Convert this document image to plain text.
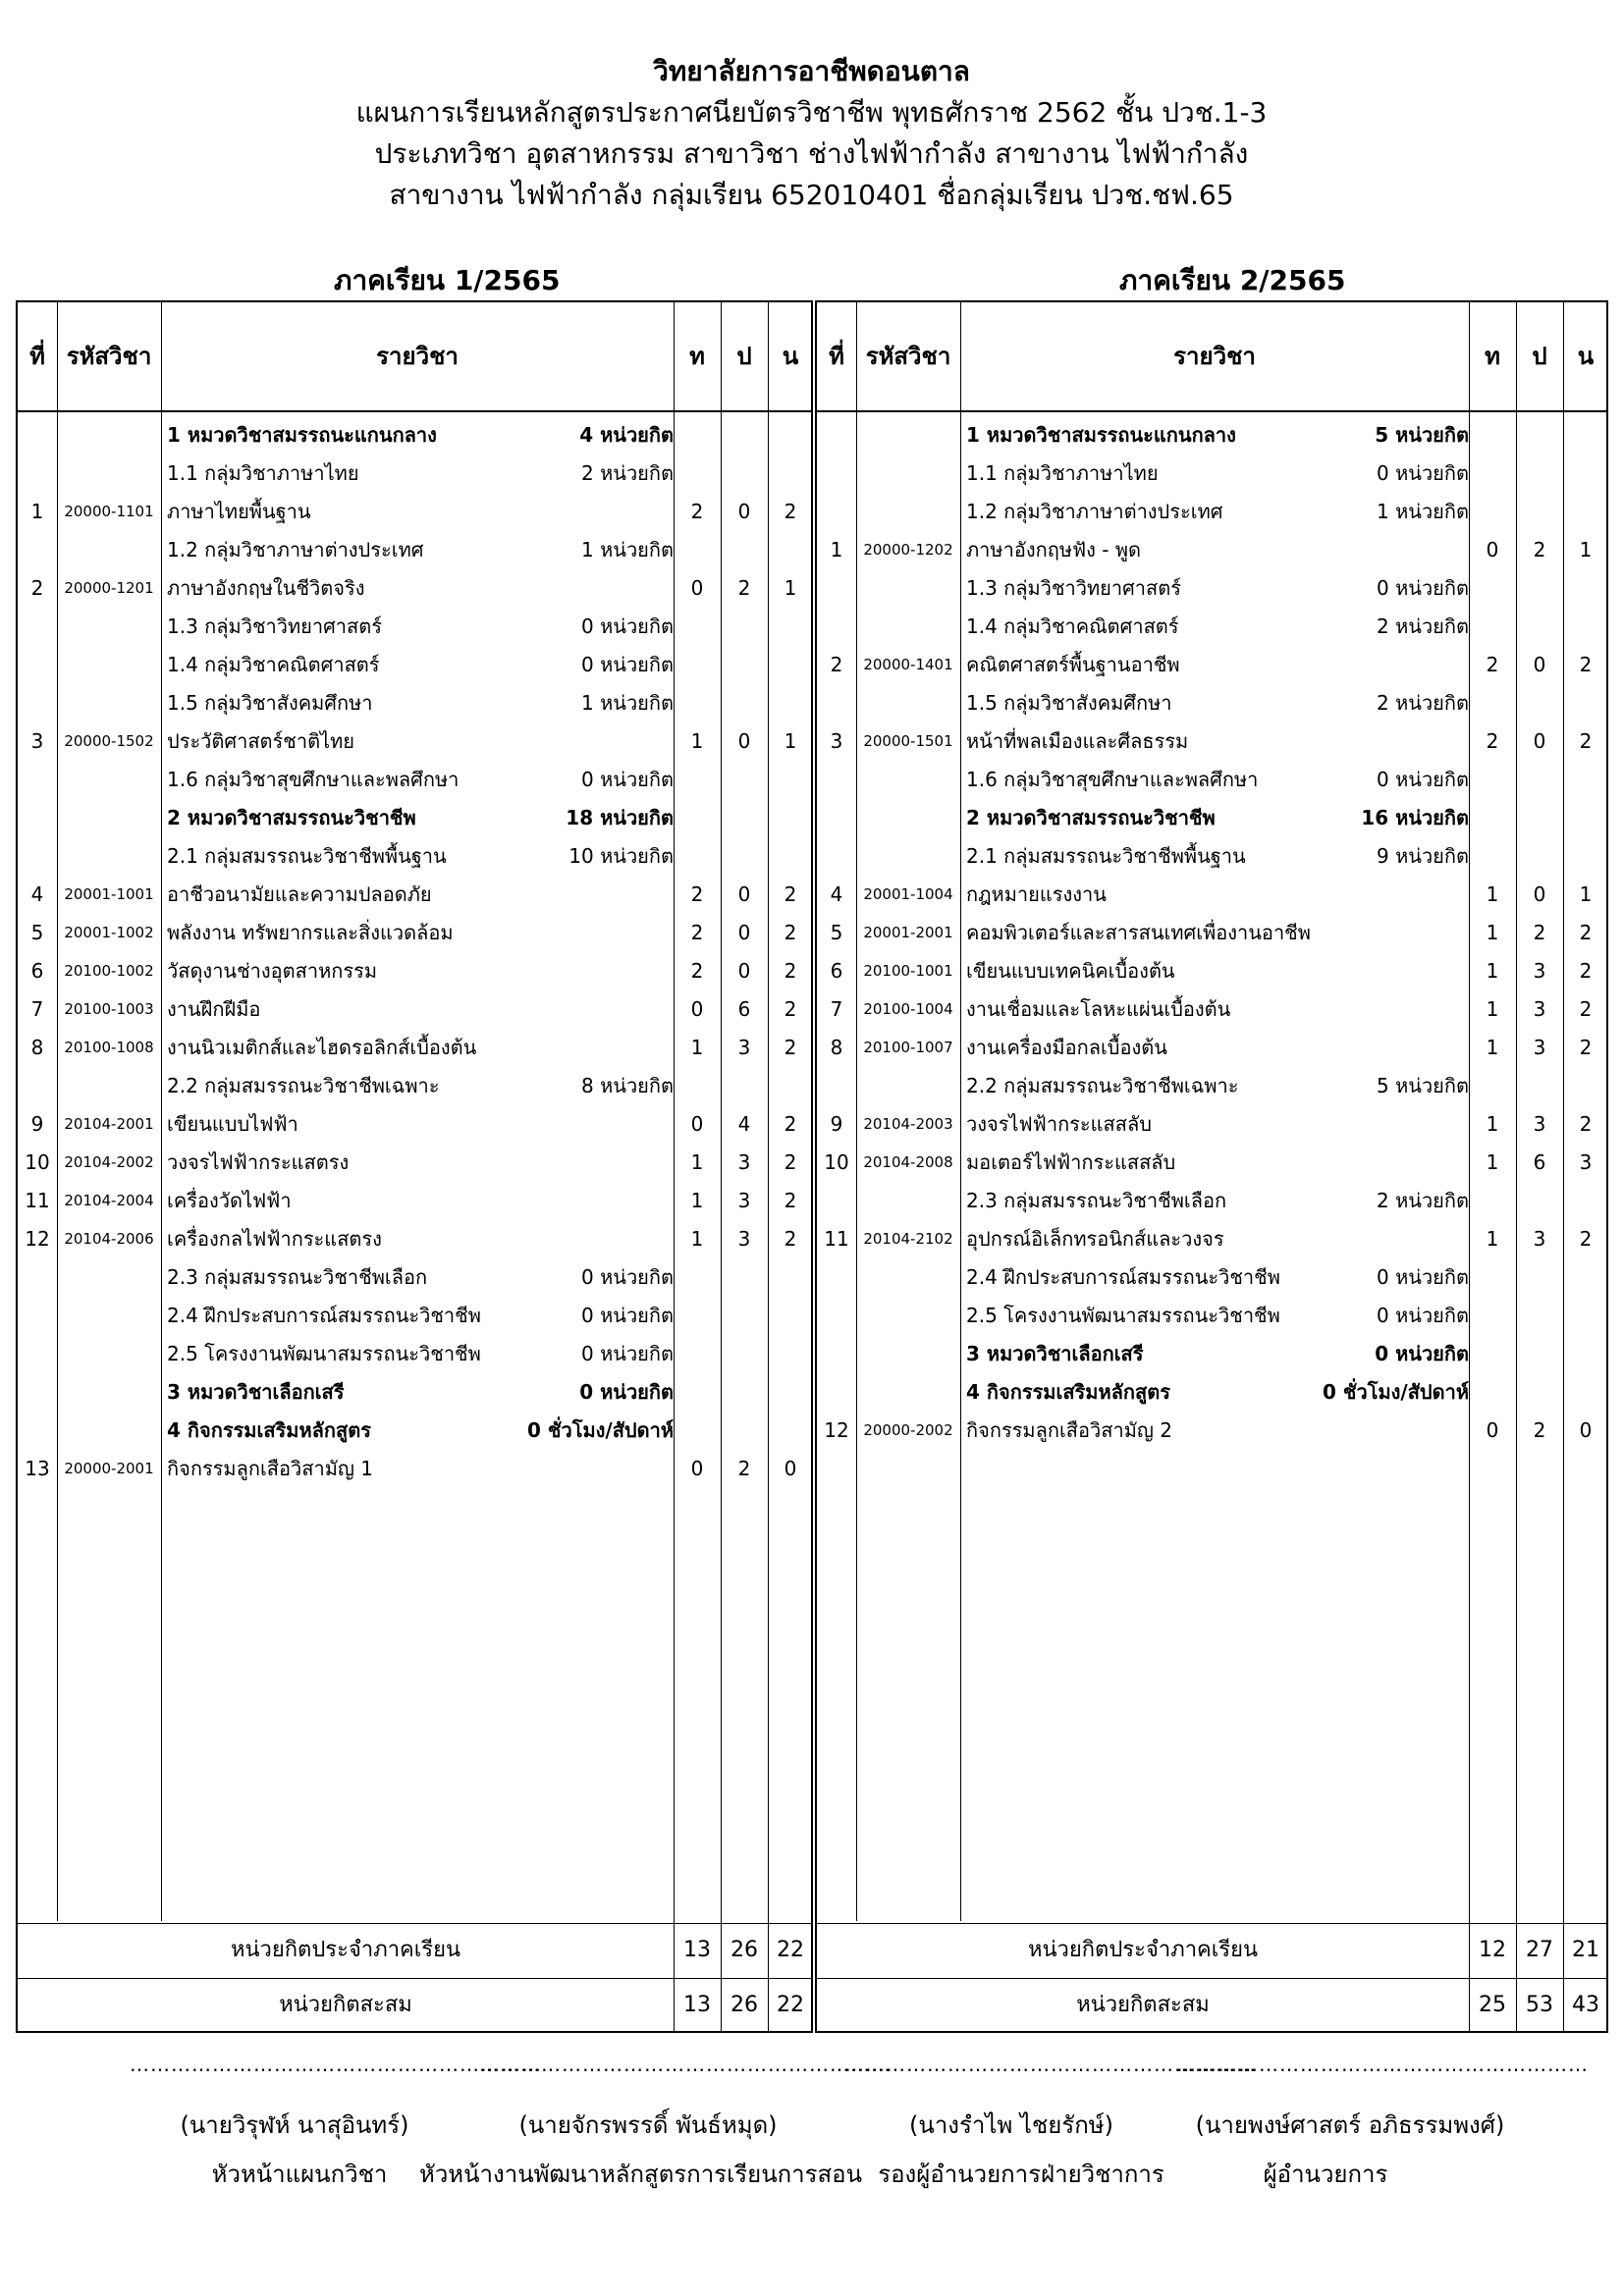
วิทยาลัยการอาชีพดอนตาล
แผนการเรียนหลักสูตรประกาศนียบัตรวิชาชีพ พุทธศักราช 2562 ชั้น ปวช.1-3
ประเภทวิชา อุตสาหกรรม สาขาวิชา ช่างไฟฟ้ากำลัง สาขางาน ไฟฟ้ากำลัง
สาขางาน ไฟฟ้ากำลัง กลุ่มเรียน 652010401 ชื่อกลุ่มเรียน ปวช.ชฟ.65
ภาคเรียน 1/2565	ภาคเรียน 2/2565
ที่ รหัสวิชา	รายวิชา	ท	ป	น
1 หมวดวิชาสมรรถนะแกนกลาง	4 หน่วยกิต
1.1 กลุ่มวิชาภาษาไทย	2 หน่วยกิต
1	20000-1101 ภาษาไทยพื้นฐาน	2	0	2
1.2 กลุ่มวิชาภาษาต่างประเทศ	1 หน่วยกิต
2	20000-1201 ภาษาอังกฤษในชีวิตจริง	0	2	1
1.3 กลุ่มวิชาวิทยาศาสตร์	0 หน่วยกิต
1.4 กลุ่มวิชาคณิตศาสตร์	0 หน่วยกิต
1.5 กลุ่มวิชาสังคมศึกษา	1 หน่วยกิต
3	20000-1502 ประวัติศาสตร์ชาติไทย	1	0	1
1.6 กลุ่มวิชาสุขศึกษาและพลศึกษา	0 หน่วยกิต
2 หมวดวิชาสมรรถนะวิชาชีพ	18 หน่วยกิต
2.1 กลุ่มสมรรถนะวิชาชีพพื้นฐาน	10 หน่วยกิต
4	20001-1001 อาชีวอนามัยและความปลอดภัย	2	0	2
5	20001-1002 พลังงาน ทรัพยากรและสิ่งแวดล้อม	2	0	2
6	20100-1002 วัสดุงานช่างอุตสาหกรรม	2	0	2
7	20100-1003 งานฝึกฝีมือ	0	6	2
8	20100-1008 งานนิวเมติกส์และไฮดรอลิกส์เบื้องต้น	1	3	2
2.2 กลุ่มสมรรถนะวิชาชีพเฉพาะ	8 หน่วยกิต
9	20104-2001 เขียนแบบไฟฟ้า	0	4	2
10 20104-2002 วงจรไฟฟ้ากระแสตรง	1	3	2
11 20104-2004 เครื่องวัดไฟฟ้า	1	3	2
12 20104-2006 เครื่องกลไฟฟ้ากระแสตรง	1	3	2
2.3 กลุ่มสมรรถนะวิชาชีพเลือก	0 หน่วยกิต
2.4 ฝึกประสบการณ์สมรรถนะวิชาชีพ	0 หน่วยกิต
2.5 โครงงานพัฒนาสมรรถนะวิชาชีพ	0 หน่วยกิต
3 หมวดวิชาเลือกเสรี	0 หน่วยกิต
4 กิจกรรมเสริมหลักสูตร	0 ชั่วโมง/สัปดาห์
13 20000-2001 กิจกรรมลูกเสือวิสามัญ 1	0	2	0
หน่วยกิตประจำภาคเรียน	13 26 22
หน่วยกิตสะสม	13 26 22
ที่ รหัสวิชา	รายวิชา	ท	ป	น
1 หมวดวิชาสมรรถนะแกนกลาง	5 หน่วยกิต
1.1 กลุ่มวิชาภาษาไทย	0 หน่วยกิต
1.2 กลุ่มวิชาภาษาต่างประเทศ	1 หน่วยกิต
1	20000-1202 ภาษาอังกฤษฟัง - พูด	0	2	1
1.3 กลุ่มวิชาวิทยาศาสตร์	0 หน่วยกิต
1.4 กลุ่มวิชาคณิตศาสตร์	2 หน่วยกิต
2	20000-1401 คณิตศาสตร์พื้นฐานอาชีพ	2	0	2
1.5 กลุ่มวิชาสังคมศึกษา	2 หน่วยกิต
3	20000-1501 หน้าที่พลเมืองและศีลธรรม	2	0	2
1.6 กลุ่มวิชาสุขศึกษาและพลศึกษา	0 หน่วยกิต
2 หมวดวิชาสมรรถนะวิชาชีพ	16 หน่วยกิต
2.1 กลุ่มสมรรถนะวิชาชีพพื้นฐาน	9 หน่วยกิต
4	20001-1004 กฎหมายแรงงาน	1	0	1
5	20001-2001 คอมพิวเตอร์และสารสนเทศเพื่องานอาชีพ	1	2	2
6	20100-1001 เขียนแบบเทคนิคเบื้องต้น	1	3	2
7	20100-1004 งานเชื่อมและโลหะแผ่นเบื้องต้น	1	3	2
8	20100-1007 งานเครื่องมือกลเบื้องต้น	1	3	2
2.2 กลุ่มสมรรถนะวิชาชีพเฉพาะ	5 หน่วยกิต
9	20104-2003 วงจรไฟฟ้ากระแสสลับ	1	3	2
10 20104-2008 มอเตอร์ไฟฟ้ากระแสสลับ	1	6	3
2.3 กลุ่มสมรรถนะวิชาชีพเลือก	2 หน่วยกิต
11 20104-2102 อุปกรณ์อิเล็กทรอนิกส์และวงจร	1	3	2
2.4 ฝึกประสบการณ์สมรรถนะวิชาชีพ	0 หน่วยกิต
2.5 โครงงานพัฒนาสมรรถนะวิชาชีพ	0 หน่วยกิต
3 หมวดวิชาเลือกเสรี	0 หน่วยกิต
4 กิจกรรมเสริมหลักสูตร	0 ชั่วโมง/สัปดาห์
12 20000-2002 กิจกรรมลูกเสือวิสามัญ 2	0	2	0
หน่วยกิตประจำภาคเรียน	12 27 21
หน่วยกิตสะสม	25 53 43
……………………………………………………
……………………………………………………
……………………………………………………
……………………………………………………
(นายวิรุฬห์ นาสุอินทร์)	(นายจักรพรรดิ์ พันธ์หมุด)	(นางรำไพ ไชยรักษ์)	(นายพงษ์ศาสตร์ อภิธรรมพงศ์)
หัวหน้าแผนกวิชา	หัวหน้างานพัฒนาหลักสูตรการเรียนการสอน รองผู้อำนวยการฝ่ายวิชาการ	ผู้อำนวยการ
